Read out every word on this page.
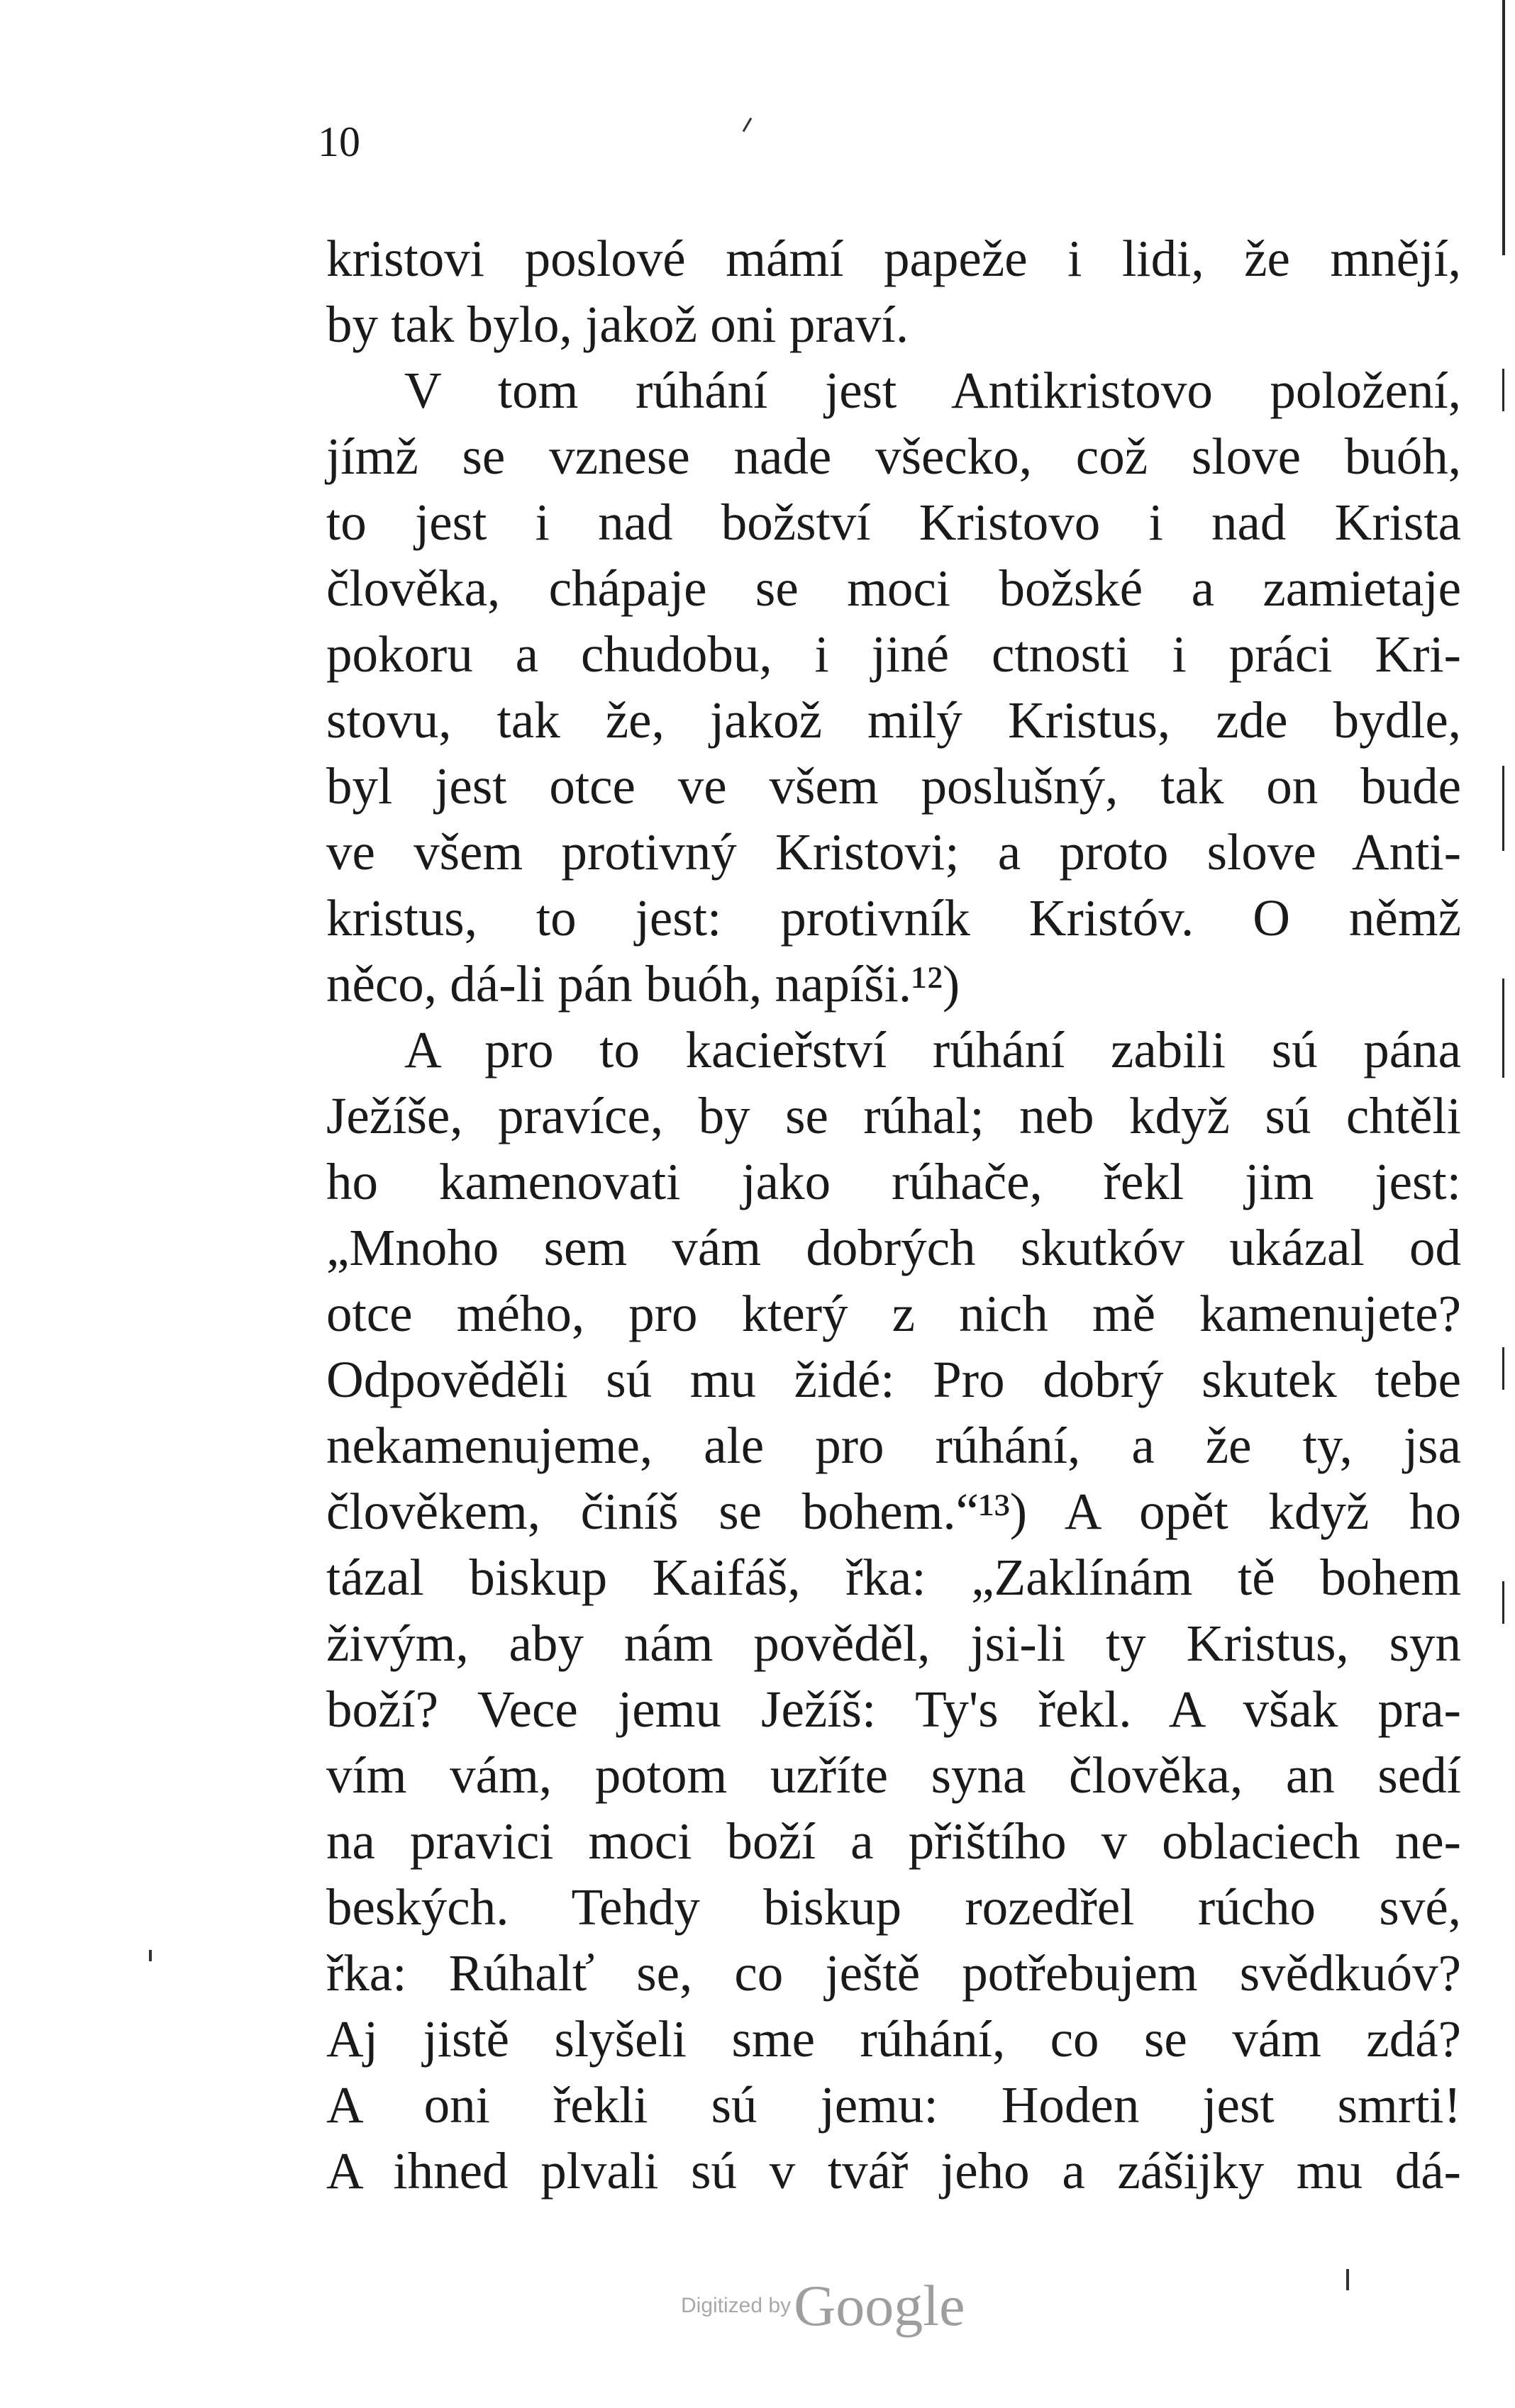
10
kristovi poslové mámí papeže i lidi, že mnějí,
by tak bylo, jakož oni praví.
V tom rúhání jest Antikristovo položení,
jímž se vznese nade všecko, což slove buóh,
to jest i nad božství Kristovo i nad Krista
člověka, chápaje se moci božské a zamietaje
pokoru a chudobu, i jiné ctnosti i práci Kri-
stovu, tak že, jakož milý Kristus, zde bydle,
byl jest otce ve všem poslušný, tak on bude
ve všem protivný Kristovi; a proto slove Anti-
kristus, to jest: protivník Kristóv. O němž
něco, dá-li pán buóh, napíši.¹²)
A pro to kacieřství rúhání zabili sú pána
Ježíše, pravíce, by se rúhal; neb když sú chtěli
ho kamenovati jako rúhače, řekl jim jest:
„Mnoho sem vám dobrých skutkóv ukázal od
otce mého, pro který z nich mě kamenujete?
Odpověděli sú mu židé: Pro dobrý skutek tebe
nekamenujeme, ale pro rúhání, a že ty, jsa
člověkem, činíš se bohem.“¹³) A opět když ho
tázal biskup Kaifáš, řka: „Zaklínám tě bohem
živým, aby nám pověděl, jsi-li ty Kristus, syn
boží? Vece jemu Ježíš: Ty's řekl. A však pra-
vím vám, potom uzříte syna člověka, an sedí
na pravici moci boží a přištího v oblaciech ne-
beských. Tehdy biskup rozedřel rúcho své,
řka: Rúhalť se, co ještě potřebujem svědkuóv?
Aj jistě slyšeli sme rúhání, co se vám zdá?
A oni řekli sú jemu: Hoden jest smrti!
A ihned plvali sú v tvář jeho a zášijky mu dá-
Digitized by Google
